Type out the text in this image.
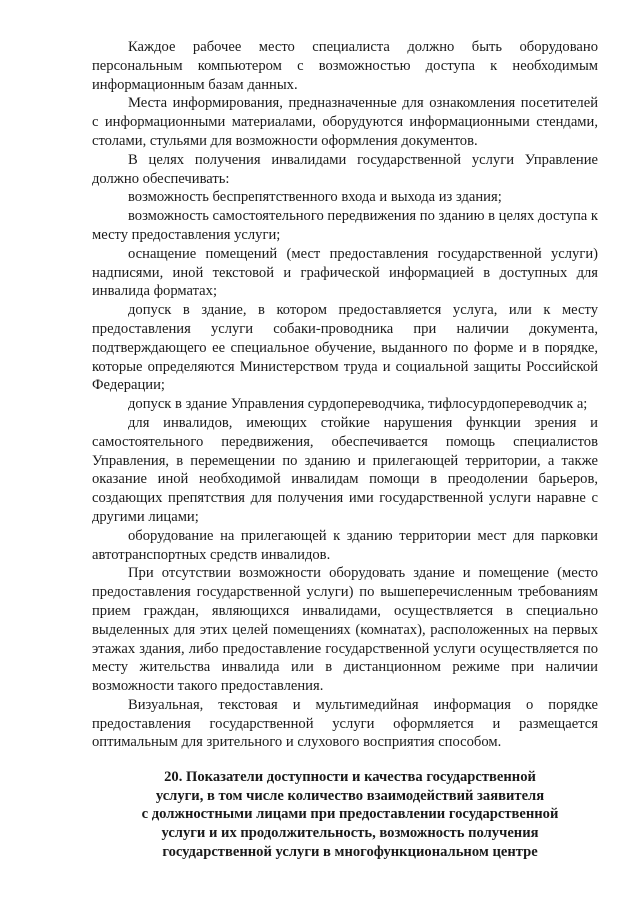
Каждое рабочее место специалиста должно быть оборудовано персональным компьютером с возможностью доступа к необходимым информационным базам данных.

Места информирования, предназначенные для ознакомления посетителей с информационными материалами, оборудуются информационными стендами, столами, стульями для возможности оформления документов.

В целях получения инвалидами государственной услуги Управление должно обеспечивать:

возможность беспрепятственного входа и выхода из здания;

возможность самостоятельного передвижения по зданию в целях доступа к месту предоставления услуги;

оснащение помещений (мест предоставления государственной услуги) надписями, иной текстовой и графической информацией в доступных для инвалида форматах;

допуск в здание, в котором предоставляется услуга, или к месту предоставления услуги собаки-проводника при наличии документа, подтверждающего ее специальное обучение, выданного по форме и в порядке, которые определяются Министерством труда и социальной защиты Российской Федерации;

допуск в здание Управления сурдопереводчика, тифлосурдопереводчик а;

для инвалидов, имеющих стойкие нарушения функции зрения и самостоятельного передвижения, обеспечивается помощь специалистов Управления, в перемещении по зданию и прилегающей территории, а также оказание иной необходимой инвалидам помощи в преодолении барьеров, создающих препятствия для получения ими государственной услуги наравне с другими лицами;

оборудование на прилегающей к зданию территории мест для парковки автотранспортных средств инвалидов.

При отсутствии возможности оборудовать здание и помещение (место предоставления государственной услуги) по вышеперечисленным требованиям прием граждан, являющихся инвалидами, осуществляется в специально выделенных для этих целей помещениях (комнатах), расположенных на первых этажах здания, либо предоставление государственной услуги осуществляется по месту жительства инвалида или в дистанционном режиме при наличии возможности такого предоставления.

Визуальная, текстовая и мультимедийная информация о порядке предоставления государственной услуги оформляется и размещается оптимальным для зрительного и слухового восприятия способом.

20. Показатели доступности и качества государственной
услуги, в том числе количество взаимодействий заявителя
с должностными лицами при предоставлении государственной
услуги и их продолжительность, возможность получения
государственной услуги в многофункциональном центре
